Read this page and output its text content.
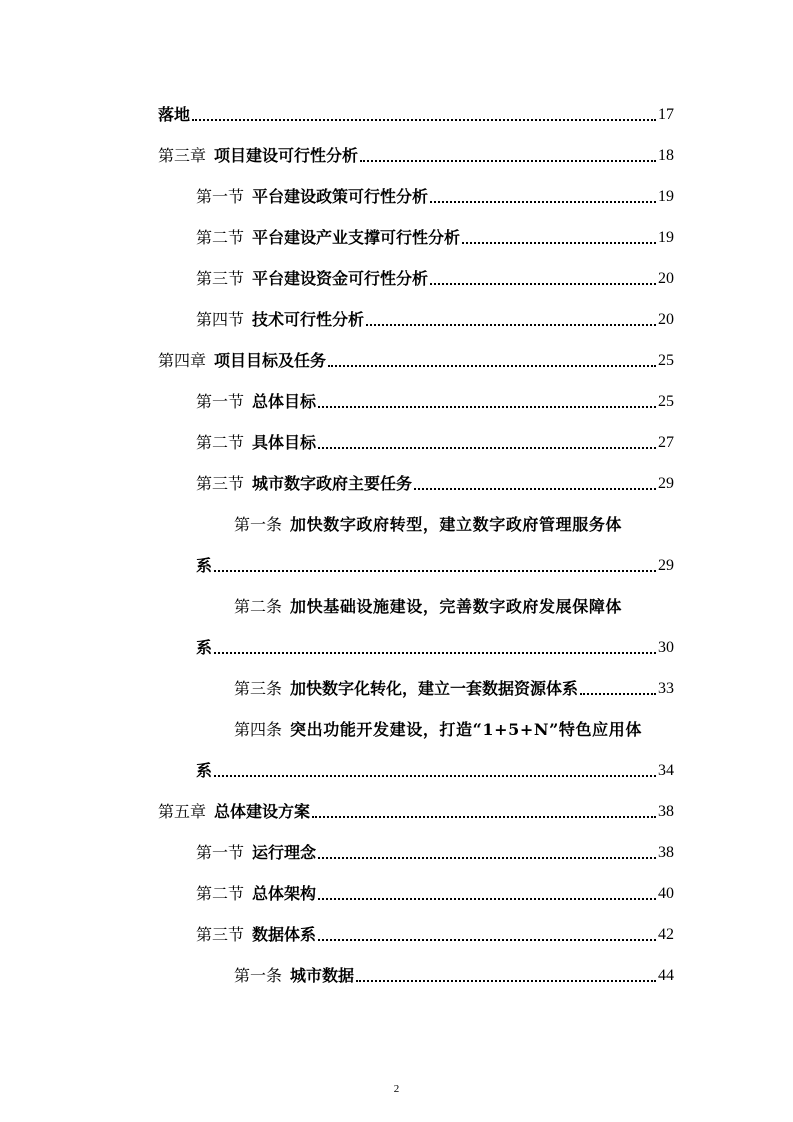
落地	17
第三章 项目建设可行性分析	18
第一节 平台建设政策可行性分析	19
第二节 平台建设产业支撑可行性分析	19
第三节 平台建设资金可行性分析	20
第四节 技术可行性分析	20
第四章 项目目标及任务	25
第一节 总体目标	25
第二节 具体目标	27
第三节 城市数字政府主要任务	29
第一条 加快数字政府转型，建立数字政府管理服务体
系	29
第二条 加快基础设施建设，完善数字政府发展保障体
系	30
第三条 加快数字化转化，建立一套数据资源体系	33
第四条 突出功能开发建设，打造“1+5+N”特色应用体
系	34
第五章 总体建设方案	38
第一节 运行理念	38
第二节 总体架构	40
第三节 数据体系	42
第一条 城市数据	44
2
